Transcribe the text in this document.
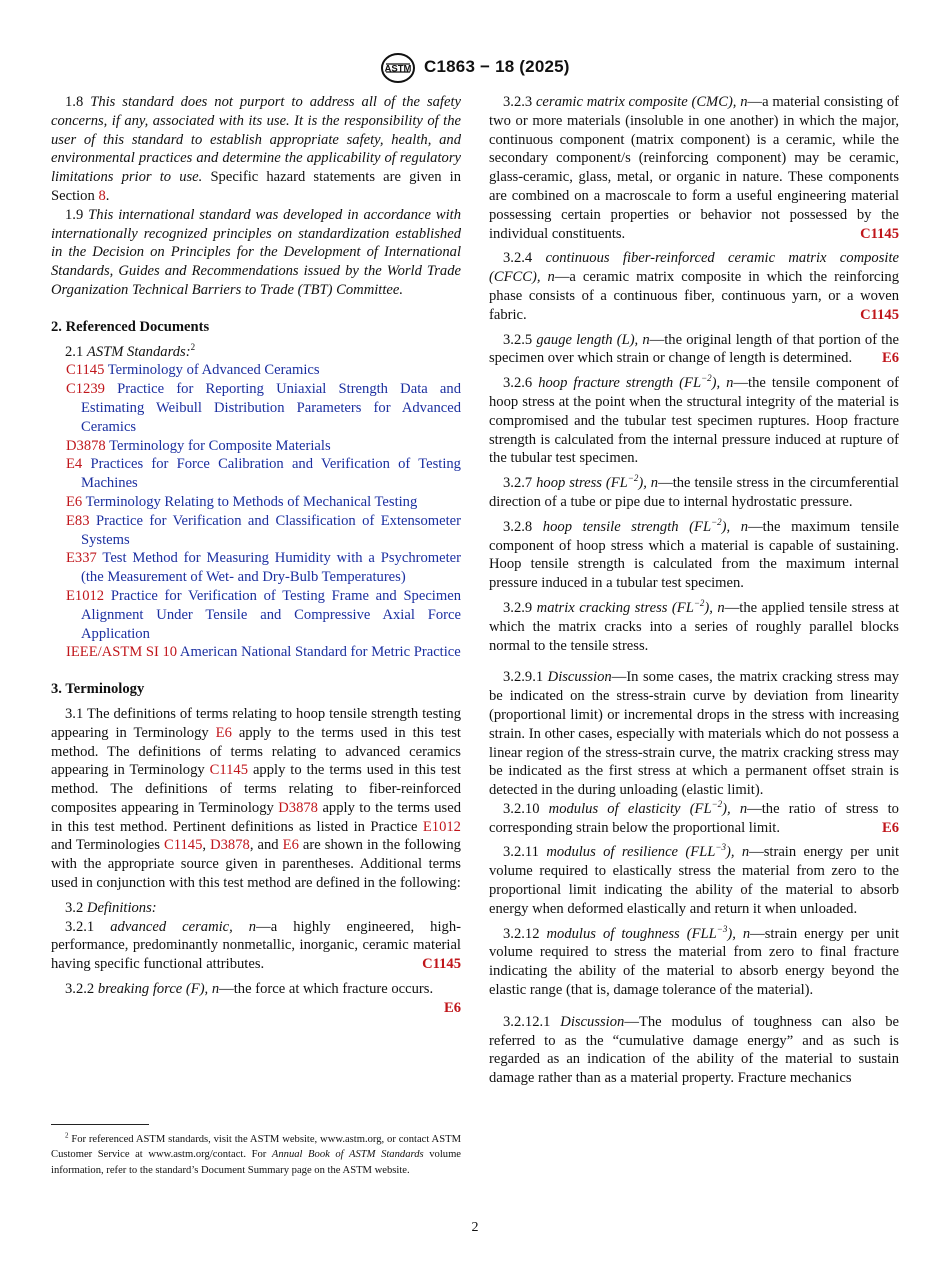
ASTM C1863 − 18 (2025)

1.8 This standard does not purport to address all of the safety concerns, if any, associated with its use. It is the responsibility of the user of this standard to establish appropriate safety, health, and environmental practices and determine the applicability of regulatory limitations prior to use. Specific hazard statements are given in Section 8.

1.9 This international standard was developed in accordance with internationally recognized principles on standardization established in the Decision on Principles for the Development of International Standards, Guides and Recommendations issued by the World Trade Organization Technical Barriers to Trade (TBT) Committee.

2. Referenced Documents

2.1 ASTM Standards:$^2$

C1145 Terminology of Advanced Ceramics

C1239 Practice for Reporting Uniaxial Strength Data and Estimating Weibull Distribution Parameters for Advanced Ceramics

D3878 Terminology for Composite Materials

E4 Practices for Force Calibration and Verification of Testing Machines

E6 Terminology Relating to Methods of Mechanical Testing

E83 Practice for Verification and Classification of Extensometer Systems

E337 Test Method for Measuring Humidity with a Psychrometer (the Measurement of Wet- and Dry-Bulb Temperatures)

E1012 Practice for Verification of Testing Frame and Specimen Alignment Under Tensile and Compressive Axial Force Application

IEEE/ASTM SI 10 American National Standard for Metric Practice

3. Terminology

3.1 The definitions of terms relating to hoop tensile strength testing appearing in Terminology E6 apply to the terms used in this test method. The definitions of terms relating to advanced ceramics appearing in Terminology C1145 apply to the terms used in this test method. The definitions of terms relating to fiber-reinforced composites appearing in Terminology D3878 apply to the terms used in this test method. Pertinent definitions as listed in Practice E1012 and Terminologies C1145, D3878, and E6 are shown in the following with the appropriate source given in parentheses. Additional terms used in conjunction with this test method are defined in the following:

3.2 Definitions:

3.2.1 advanced ceramic, n—a highly engineered, high-performance, predominantly nonmetallic, inorganic, ceramic material having specific functional attributes.	C1145

3.2.2 breaking force (F), n—the force at which fracture occurs.
E6

3.2.3 ceramic matrix composite (CMC), n—a material consisting of two or more materials (insoluble in one another) in which the major, continuous component (matrix component) is a ceramic, while the secondary component/s (reinforcing component) may be ceramic, glass-ceramic, glass, metal, or organic in nature. These components are combined on a macroscale to form a useful engineering material possessing certain properties or behavior not possessed by the individual constituents.	C1145

3.2.4 continuous fiber-reinforced ceramic matrix composite (CFCC), n—a ceramic matrix composite in which the reinforcing phase consists of a continuous fiber, continuous yarn, or a woven fabric.	C1145

3.2.5 gauge length (L), n—the original length of that portion of the specimen over which strain or change of length is determined.	E6

3.2.6 hoop fracture strength $(FL^{-2})$, n—the tensile component of hoop stress at the point when the structural integrity of the material is compromised and the tubular test specimen ruptures. Hoop fracture strength is calculated from the internal pressure induced at rupture of the tubular test specimen.

3.2.7 hoop stress $(FL^{-2})$, n—the tensile stress in the circumferential direction of a tube or pipe due to internal hydrostatic pressure.

3.2.8 hoop tensile strength $(FL^{-2})$, n—the maximum tensile component of hoop stress which a material is capable of sustaining. Hoop tensile strength is calculated from the maximum internal pressure induced in a tubular test specimen.

3.2.9 matrix cracking stress $(FL^{-2})$, n—the applied tensile stress at which the matrix cracks into a series of roughly parallel blocks normal to the tensile stress.

3.2.9.1 Discussion—In some cases, the matrix cracking stress may be indicated on the stress-strain curve by deviation from linearity (proportional limit) or incremental drops in the stress with increasing strain. In other cases, especially with materials which do not possess a linear region of the stress-strain curve, the matrix cracking stress may be indicated as the first stress at which a permanent offset strain is detected in the during unloading (elastic limit).

3.2.10 modulus of elasticity $(FL^{-2})$, n—the ratio of stress to corresponding strain below the proportional limit.	E6

3.2.11 modulus of resilience $(FLL^{-3})$, n—strain energy per unit volume required to elastically stress the material from zero to the proportional limit indicating the ability of the material to absorb energy when deformed elastically and return it when unloaded.

3.2.12 modulus of toughness $(FLL^{-3})$, n—strain energy per unit volume required to stress the material from zero to final fracture indicating the ability of the material to absorb energy beyond the elastic range (that is, damage tolerance of the material).

3.2.12.1 Discussion—The modulus of toughness can also be referred to as the “cumulative damage energy” and as such is regarded as an indication of the ability of the material to sustain damage rather than as a material property. Fracture mechanics

$^2$ For referenced ASTM standards, visit the ASTM website, www.astm.org, or contact ASTM Customer Service at www.astm.org/contact. For Annual Book of ASTM Standards volume information, refer to the standard’s Document Summary page on the ASTM website.

2
